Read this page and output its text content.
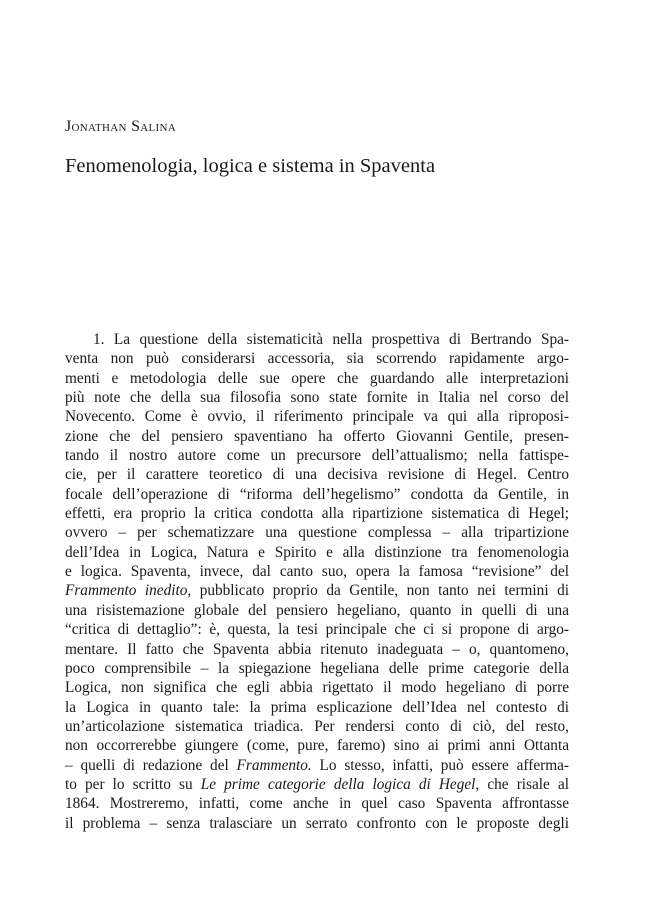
Jonathan Salina

Fenomenologia, logica e sistema in Spaventa
1. La questione della sistematicità nella prospettiva di Bertrando Spa-
venta non può considerarsi accessoria, sia scorrendo rapidamente argo-
menti e metodologia delle sue opere che guardando alle interpretazioni
più note che della sua filosofia sono state fornite in Italia nel corso del
Novecento. Come è ovvio, il riferimento principale va qui alla riproposi-
zione che del pensiero spaventiano ha offerto Giovanni Gentile, presen-
tando il nostro autore come un precursore dell’attualismo; nella fattispe-
cie, per il carattere teoretico di una decisiva revisione di Hegel. Centro
focale dell’operazione di “riforma dell’hegelismo” condotta da Gentile, in
effetti, era proprio la critica condotta alla ripartizione sistematica di Hegel;
ovvero – per schematizzare una questione complessa – alla tripartizione
dell’Idea in Logica, Natura e Spirito e alla distinzione tra fenomenologia
e logica. Spaventa, invece, dal canto suo, opera la famosa “revisione” del
Frammento inedito, pubblicato proprio da Gentile, non tanto nei termini di
una risistemazione globale del pensiero hegeliano, quanto in quelli di una
“critica di dettaglio”: è, questa, la tesi principale che ci si propone di argo-
mentare. Il fatto che Spaventa abbia ritenuto inadeguata – o, quantomeno,
poco comprensibile – la spiegazione hegeliana delle prime categorie della
Logica, non significa che egli abbia rigettato il modo hegeliano di porre
la Logica in quanto tale: la prima esplicazione dell’Idea nel contesto di
un’articolazione sistematica triadica. Per rendersi conto di ciò, del resto,
non occorrerebbe giungere (come, pure, faremo) sino ai primi anni Ottanta
– quelli di redazione del Frammento. Lo stesso, infatti, può essere afferma-
to per lo scritto su Le prime categorie della logica di Hegel, che risale al
1864. Mostreremo, infatti, come anche in quel caso Spaventa affrontasse
il problema – senza tralasciare un serrato confronto con le proposte degli
